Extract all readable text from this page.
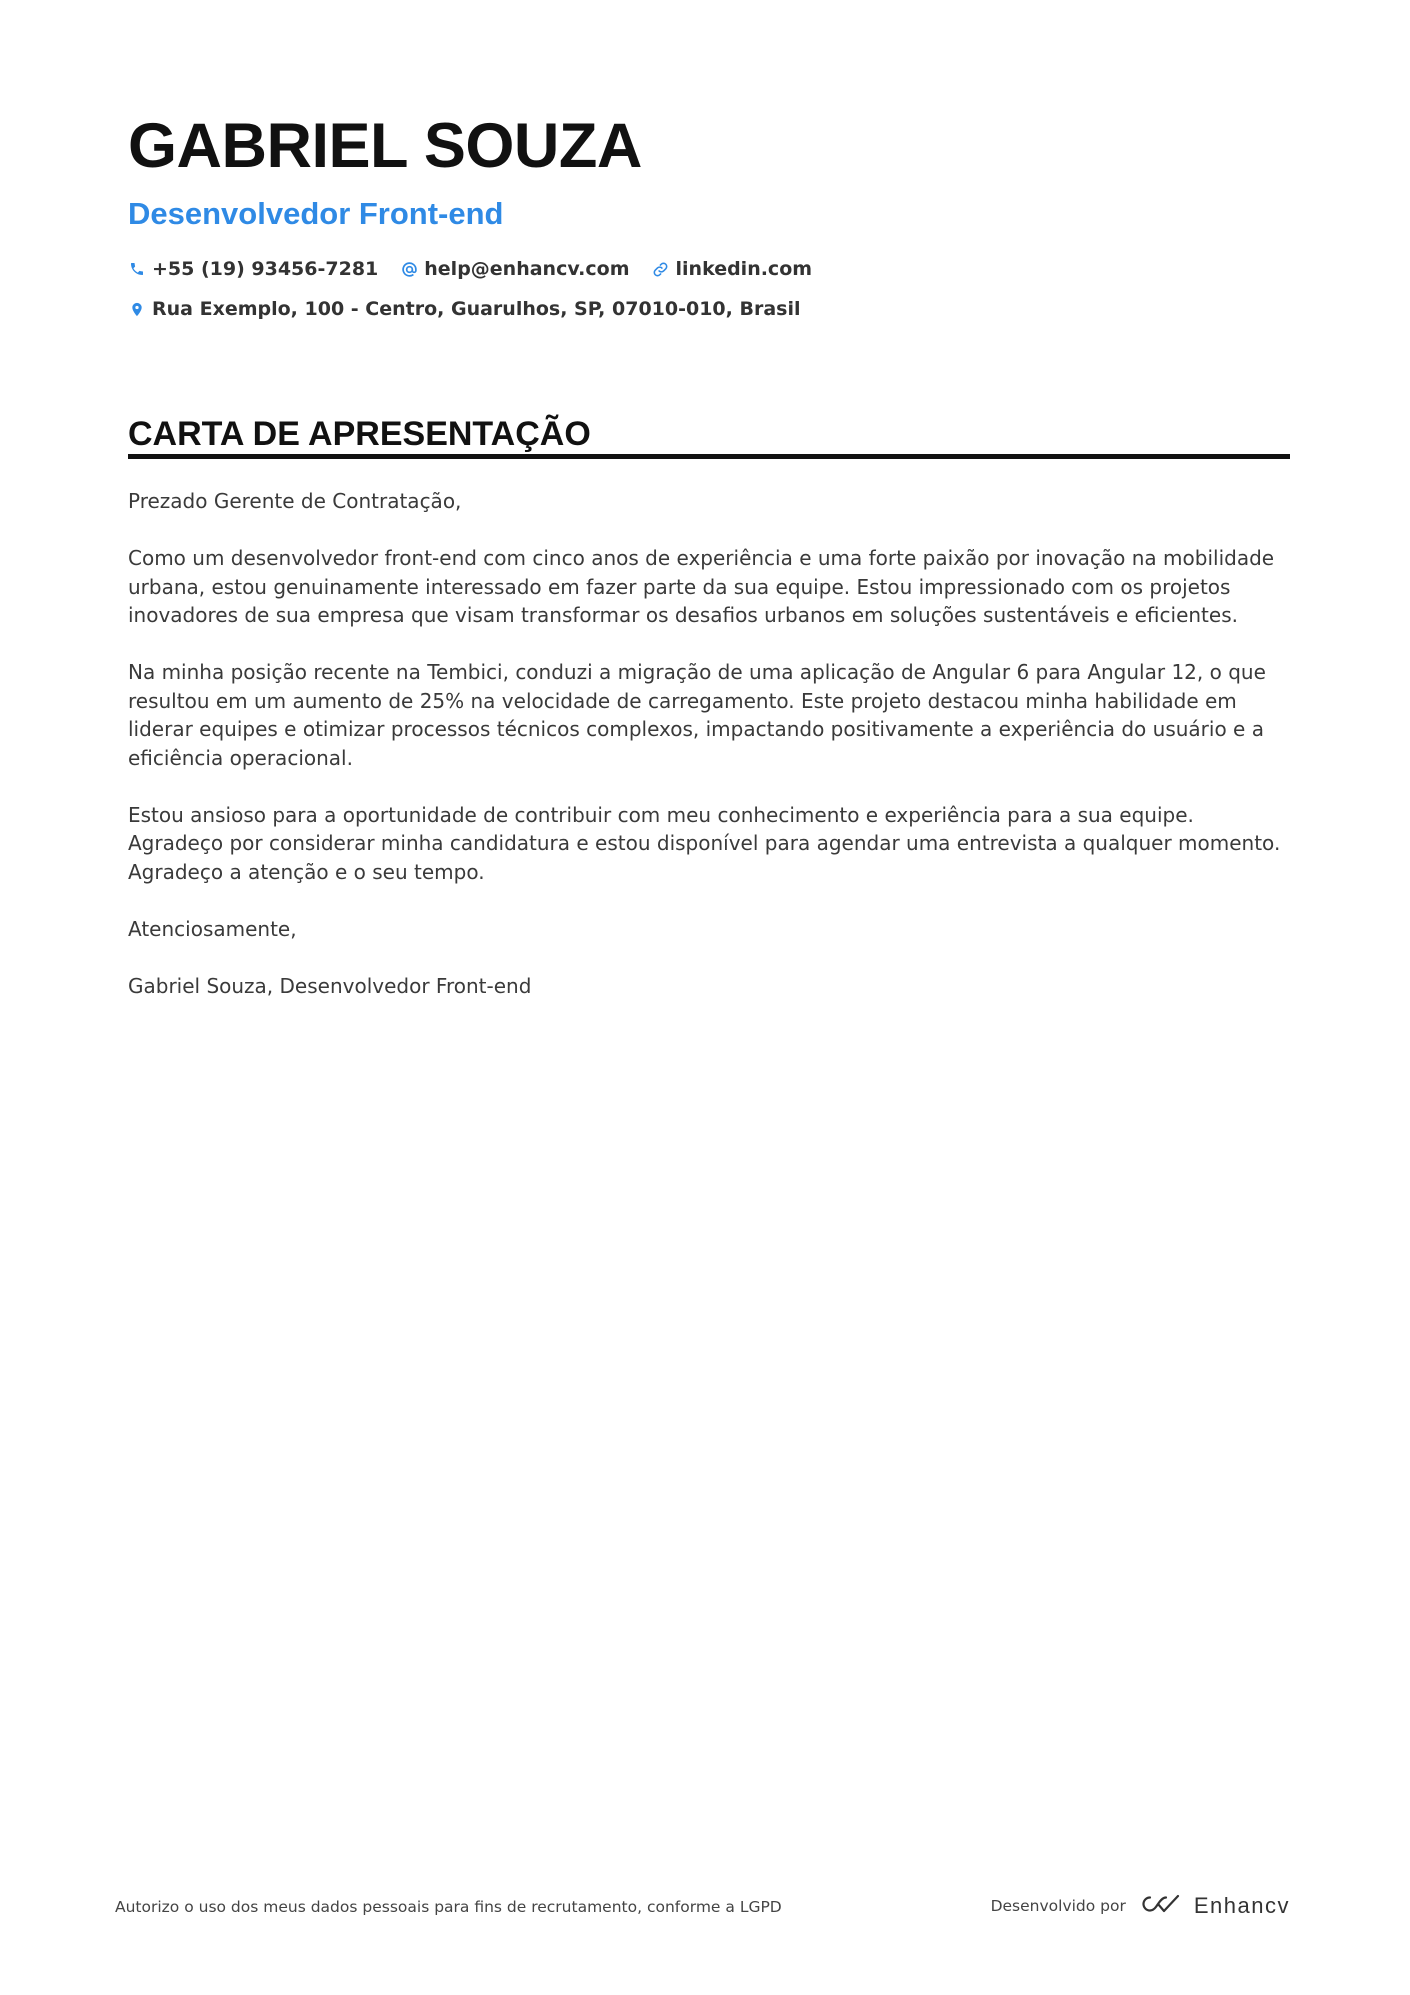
GABRIEL SOUZA
Desenvolvedor Front-end
+55 (19) 93456-7281 help@enhancv.com linkedin.com
Rua Exemplo, 100 - Centro, Guarulhos, SP, 07010-010, Brasil
CARTA DE APRESENTAÇÃO

Prezado Gerente de Contratação,

Como um desenvolvedor front-end com cinco anos de experiência e uma forte paixão por inovação na mobilidade urbana, estou genuinamente interessado em fazer parte da sua equipe. Estou impressionado com os projetos inovadores de sua empresa que visam transformar os desafios urbanos em soluções sustentáveis e eficientes.

Na minha posição recente na Tembici, conduzi a migração de uma aplicação de Angular 6 para Angular 12, o que resultou em um aumento de 25% na velocidade de carregamento. Este projeto destacou minha habilidade em liderar equipes e otimizar processos técnicos complexos, impactando positivamente a experiência do usuário e a eficiência operacional.

Estou ansioso para a oportunidade de contribuir com meu conhecimento e experiência para a sua equipe. Agradeço por considerar minha candidatura e estou disponível para agendar uma entrevista a qualquer momento. Agradeço a atenção e o seu tempo.

Atenciosamente,

Gabriel Souza, Desenvolvedor Front-end

Autorizo o uso dos meus dados pessoais para fins de recrutamento, conforme a LGPD	Desenvolvido por	Enhancv
